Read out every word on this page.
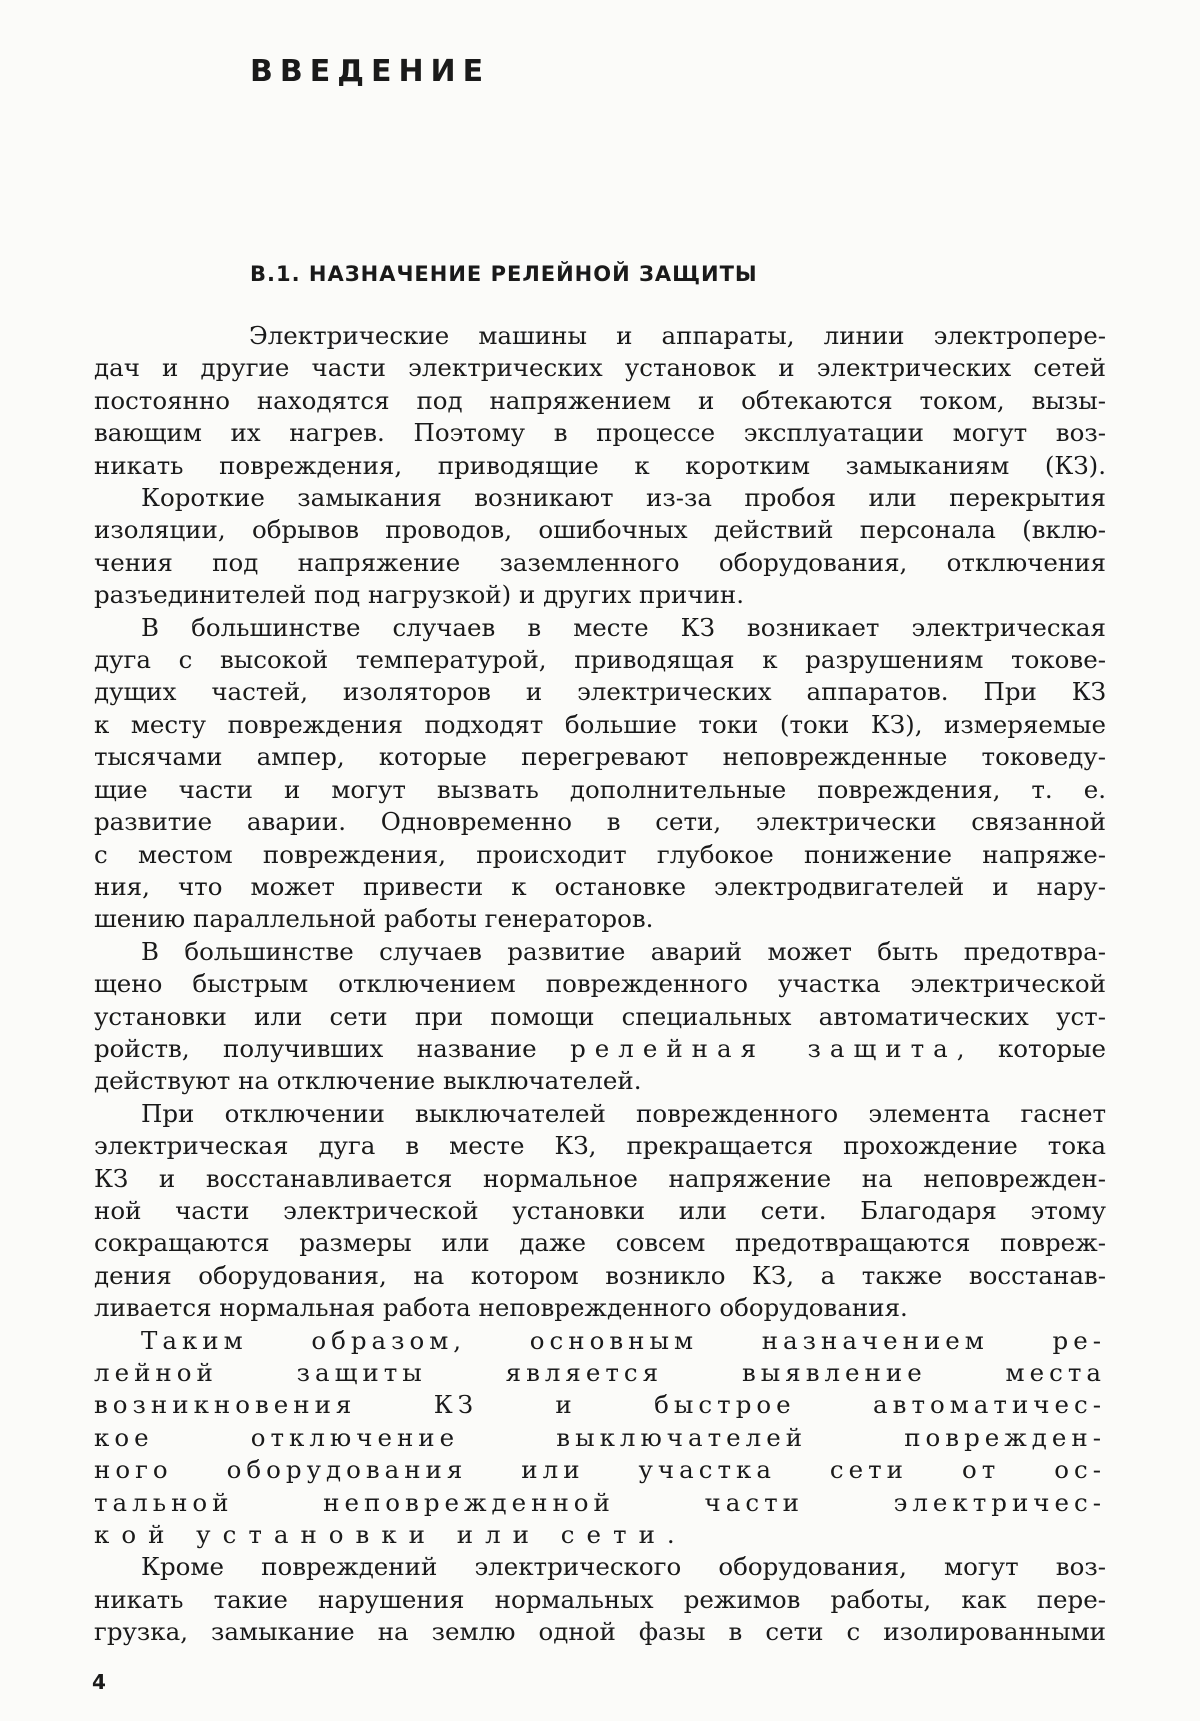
ВВЕДЕНИЕ
В.1. НАЗНАЧЕНИЕ РЕЛЕЙНОЙ ЗАЩИТЫ
Электрические машины и аппараты, линии электропере-
дач и другие части электрических установок и электрических сетей
постоянно находятся под напряжением и обтекаются током, вызы-
вающим их нагрев. Поэтому в процессе эксплуатации могут воз-
никать повреждения, приводящие к коротким замыканиям (КЗ).
Короткие замыкания возникают из-за пробоя или перекрытия
изоляции, обрывов проводов, ошибочных действий персонала (вклю-
чения под напряжение заземленного оборудования, отключения
разъединителей под нагрузкой) и других причин.
В большинстве случаев в месте КЗ возникает электрическая
дуга с высокой температурой, приводящая к разрушениям токове-
дущих частей, изоляторов и электрических аппаратов. При КЗ
к месту повреждения подходят большие токи (токи КЗ), измеряемые
тысячами ампер, которые перегревают неповрежденные токоведу-
щие части и могут вызвать дополнительные повреждения, т. е.
развитие аварии. Одновременно в сети, электрически связанной
с местом повреждения, происходит глубокое понижение напряже-
ния, что может привести к остановке электродвигателей и нару-
шению параллельной работы генераторов.
В большинстве случаев развитие аварий может быть предотвра-
щено быстрым отключением поврежденного участка электрической
установки или сети при помощи специальных автоматических уст-
ройств, получивших название релейная защита, которые
действуют на отключение выключателей.
При отключении выключателей поврежденного элемента гаснет
электрическая дуга в месте КЗ, прекращается прохождение тока
КЗ и восстанавливается нормальное напряжение на неповрежден-
ной части электрической установки или сети. Благодаря этому
сокращаются размеры или даже совсем предотвращаются повреж-
дения оборудования, на котором возникло КЗ, а также восстанав-
ливается нормальная работа неповрежденного оборудования.
Таким образом, основным назначением ре-
лейной защиты является выявление места
возникновения КЗ и быстрое автоматичес-
кое отключение выключателей поврежден-
ного оборудования или участка сети от ос-
тальной неповрежденной части электричес-
кой установки или сети.
Кроме повреждений электрического оборудования, могут воз-
никать такие нарушения нормальных режимов работы, как пере-
грузка, замыкание на землю одной фазы в сети с изолированными
4
